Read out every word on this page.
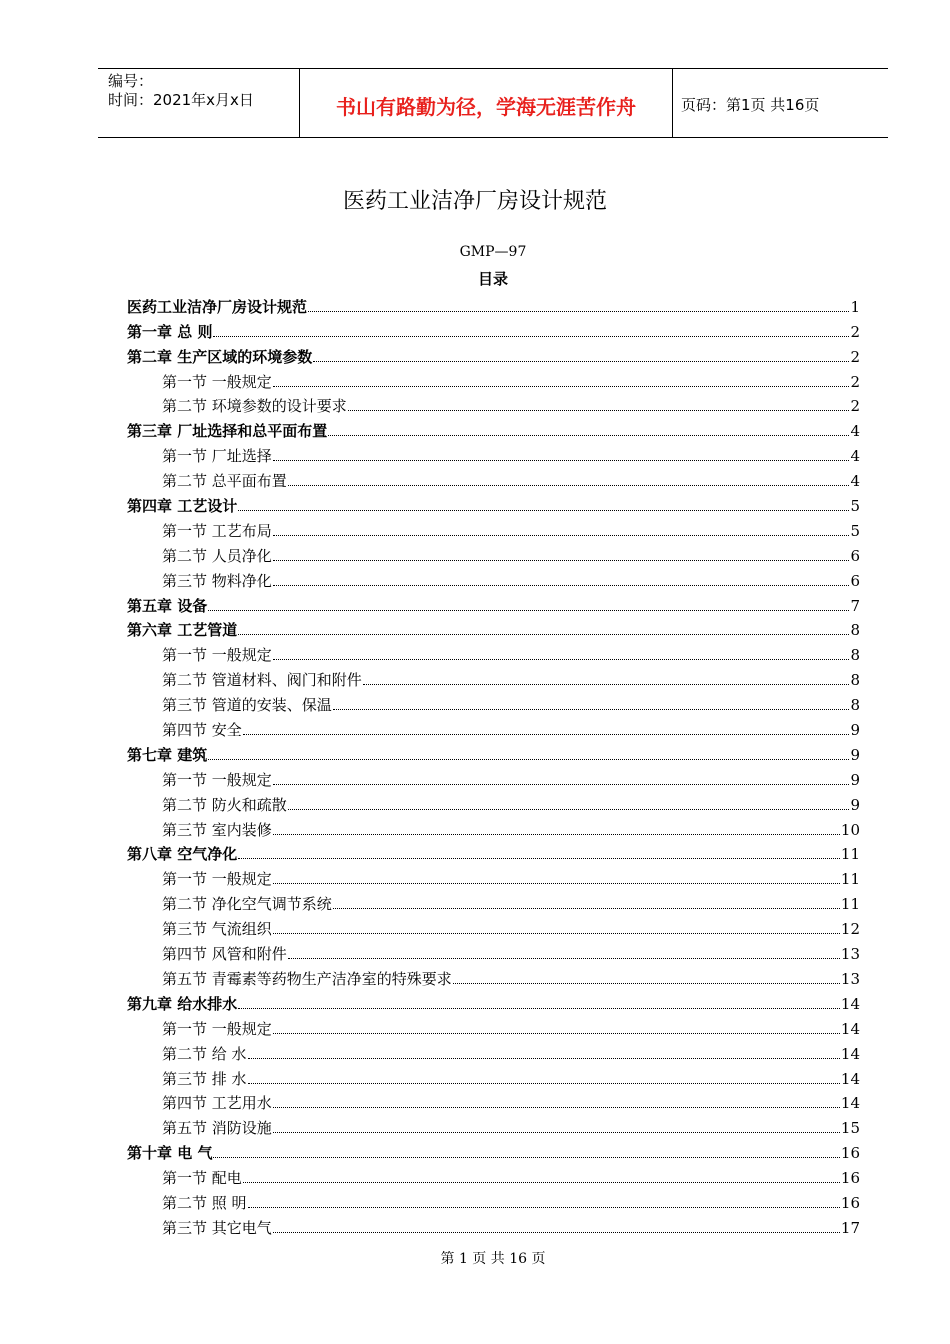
编号：
时间：2021年x月x日	书山有路勤为径，学海无涯苦作舟	页码：第1页 共16页
医药工业洁净厂房设计规范
GMP—97
目录
医药工业洁净厂房设计规范	1
第一章 总 则	2
第二章 生产区域的环境参数	2
第一节 一般规定	2
第二节 环境参数的设计要求	2
第三章 厂址选择和总平面布置	4
第一节 厂址选择	4
第二节 总平面布置	4
第四章 工艺设计	5
第一节 工艺布局	5
第二节 人员净化	6
第三节 物料净化	6
第五章 设备	7
第六章 工艺管道	8
第一节 一般规定	8
第二节 管道材料、阀门和附件	8
第三节 管道的安装、保温	8
第四节 安全	9
第七章 建筑	9
第一节 一般规定	9
第二节 防火和疏散	9
第三节 室内装修	10
第八章 空气净化	11
第一节 一般规定	11
第二节 净化空气调节系统	11
第三节 气流组织	12
第四节 风管和附件	13
第五节 青霉素等药物生产洁净室的特殊要求	13
第九章 给水排水	14
第一节 一般规定	14
第二节 给 水	14
第三节 排 水	14
第四节 工艺用水	14
第五节 消防设施	15
第十章 电 气	16
第一节 配电	16
第二节 照 明	16
第三节 其它电气	17
第 1 页 共 16 页
